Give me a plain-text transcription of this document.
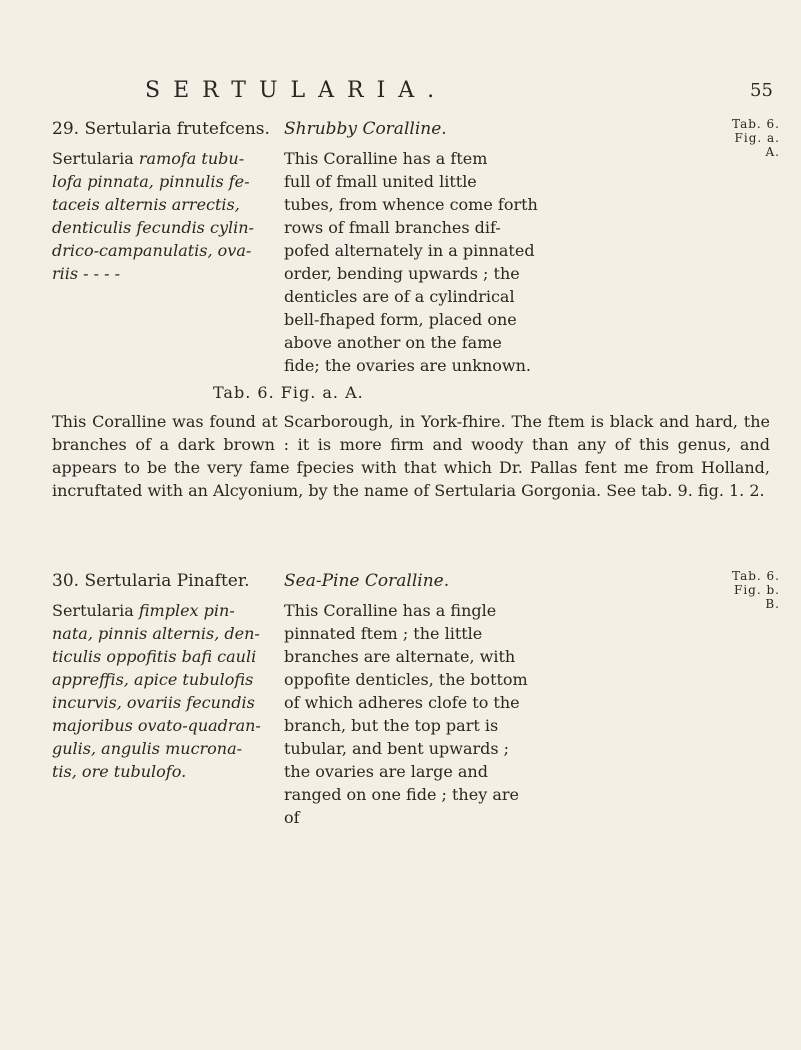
SERTULARIA.	55
29. Sertularia frutefcens. Shrubby Coralline.	Tab. 6.
Fig. a.
A.
Sertularia ramofa tubu-
lofa pinnata, pinnulis fe-
taceis alternis arrectis,
denticulis fecundis cylin-
drico-campanulatis, ova-
riis - - - -
This Coralline has a ftem
full of fmall united little
tubes, from whence come forth
rows of fmall branches dif-
pofed alternately in a pinnated
order, bending upwards ; the
denticles are of a cylindrical
bell-fhaped form, placed one
above another on the fame
fide; the ovaries are unknown.
Tab. 6. Fig. a. A.
This Coralline was found at Scarborough, in York-fhire. The ftem is black and hard, the branches of a dark brown : it is more firm and woody than any of this genus, and appears to be the very fame fpecies with that which Dr. Pallas fent me from Holland, incruftated with an Alcyonium, by the name of Sertularia Gorgonia. See tab. 9. fig. 1. 2.
30. Sertularia Pinafter. Sea-Pine Coralline.	Tab. 6.
Fig. b.
B.
Sertularia fimplex pin-
nata, pinnis alternis, den-
ticulis oppofitis bafi cauli
appreffis, apice tubulofis
incurvis, ovariis fecundis
majoribus ovato-quadran-
gulis, angulis mucrona-
tis, ore tubulofo.
This Coralline has a fingle
pinnated ftem ; the little
branches are alternate, with
oppofite denticles, the bottom
of which adheres clofe to the
branch, but the top part is
tubular, and bent upwards ;
the ovaries are large and
ranged on one fide ; they are
of
